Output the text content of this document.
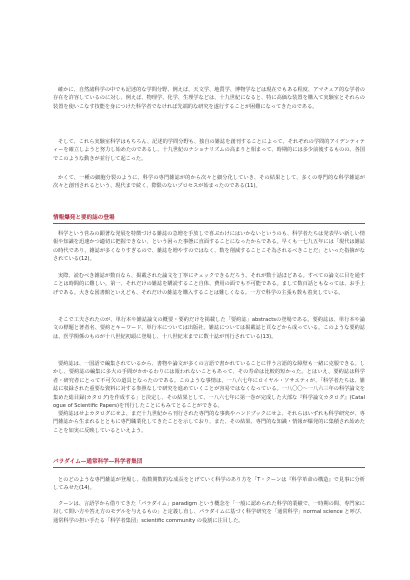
確かに、自然諸科学の中でも記述的な学問分野、例えば、天文学、地質学、博物学などは現在でもある程度、アマチュア的な学者の存在を許容しているのに対し、例えば、物理学、化学、生理学などは、十九世紀になると、特に高価な装置を購入て実験室とそれらの装置を使いこなす技能を身につけた科学者でなければ先端的な研究を遂行することが困難になってきたのである。

そして、これら実験室科学はもちろん、記述的学問分野も、独自の雑誌を創刊することによって、それぞれの学問的アイデンティティーを確立しようと努力し始めたのであるし、十九世紀のナショナリズムの高まりと相まって、時期的には多少前後するものの、各国でこのような動きが並行して起こった。

かくて、一種の細胞分裂のように、科学の専門雑誌が的から次々と細分化していき、その結果として、多くの専門的な科学雑誌が次々と創刊されるという、現代まで続く、際限のないプロセスが始まったのである(11)。

情報爆発と要約誌の登場

科学という営みの顕著な発展を特徴づける雑誌の急増を手放しで喜ぶわけにはいかないというのも、科学者たちは発表早い新しい情報や知識を迅速かつ適切に把握できない、という困った事態に直面することになったからである。早くも一七九五年には「現代は雑誌の時代であり、雑誌が多くなりすぎるので、雑誌を増やすのではなく、数を削減することこそ為されるべきことだ」といった指摘がなされている(12)。

実際、読むべき雑誌が数百なら、掲載された論文を丁寧にチェックできるだろう。それが数十話ほどある。すべての論文に目を通すことは時間的に難しい。第一、それだけの雑誌を購読すること自体、費用の面でも不可能である。まして数百話ともなっては、お手上げである。大きな図書館といえども、それだけの雑誌を購入することは難しくなる。一方で科学の主張も数も着実している。

そこで工夫されたのが、単行本や雑誌論文の概要・要約だけを掲載した「要約誌」abstractsの登場である。要約誌は、単行本や論文の標題と著者名、要約とキーワード、単行本については出版社、雑誌については掲載誌と頁などから成っている。このような要約誌は、医学関係のものが十八世紀初頭に登場し、十八世紀末までに数十誌が刊行されている(13)。

要約誌は、一国語で編集されているから、書物や論文が多くの言語で書かれていることに伴う言語的な障壁も一緒に克服できる。しかし、要約誌の編集に多大の手間がかかるわりには報われないこともあって、その寿命は比較的短かった。とはいえ、要約誌は科学者・研究者にとって不可欠の道具となったのである。このような事情は、一八六七年にロイヤル・ソサエティが、「科学者たちは、雑誌に収録された重要な資料に対する参照なしで研究を進めていくことが容易ではなくなっている。一八〇〇〜一八六三年の科学論文を集めた総目録(カタログ)を作成する」と決定し、その結果として、一八六七年に第一巻が完成した大部な『科学論文カタログ』(Catalogue of Scientific Papers)を刊行したことにもみてとることができる。

要約誌はせよカタログにせよ、まだ十九世紀から刊行された専門的な事典やハンドブックにせよ、それらはいずれも科学研究が、専門雑誌から生まれるとともに専門職業化してきたことを示しており、また、その結果、専門的な知識・情報が爆発的に集積され始めたことを如実に反映しているといえよう。

パラダイム—通常科学—科学者集団

とのどのような専門雑誌が登場し、指数関数的な成長をとげていく科学のあり方を「T・クーンは『科学革命の構造』で見事に分析してみせた(14)。

クーンは、言語学から借りてきた「パラダイム」paradigm という概念を「一般に認められた科学的業績で、一時期の間、専門家に対して問い方や答え方のモデルを与えるもの」と定義し直し、パラダイムに基づく科学研究を「通常科学」normal science と呼び、通常科学の担い手たる「科学者集団」scientific community の役割に注目した。
